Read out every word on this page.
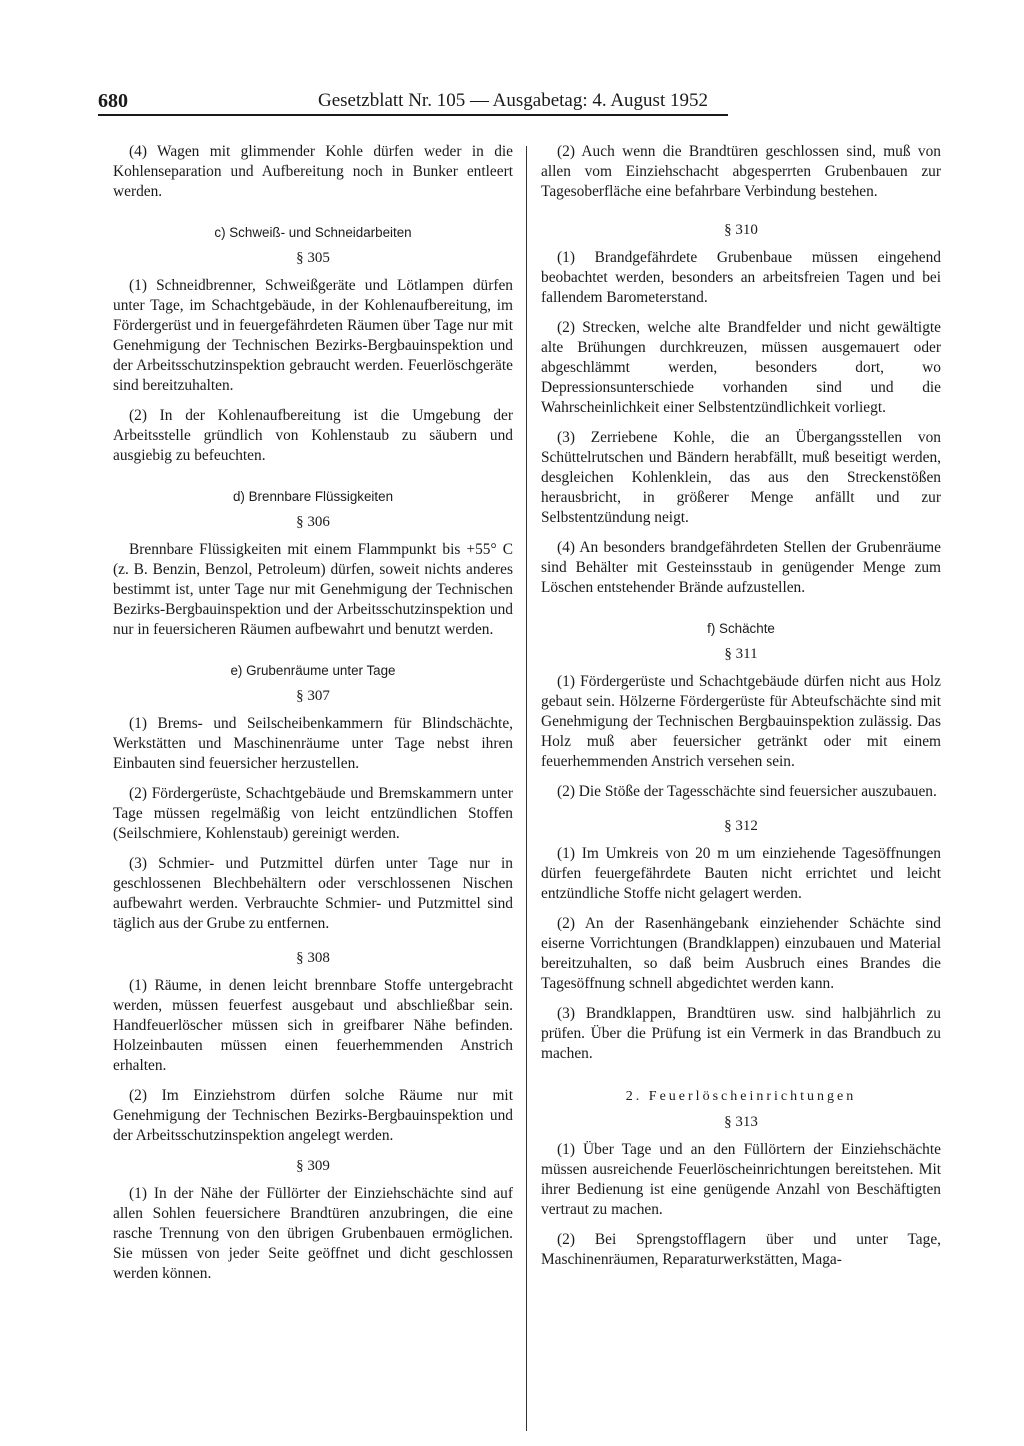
680	Gesetzblatt Nr. 105 — Ausgabetag: 4. August 1952

(4) Wagen mit glimmender Kohle dürfen weder in die Kohlenseparation und Aufbereitung noch in Bunker entleert werden.

c) Schweiß- und Schneidarbeiten
§ 305

(1) Schneidbrenner, Schweißgeräte und Lötlampen dürfen unter Tage, im Schachtgebäude, in der Kohlenaufbereitung, im Fördergerüst und in feuergefährdeten Räumen über Tage nur mit Genehmigung der Technischen Bezirks-Bergbauinspektion und der Arbeitsschutzinspektion gebraucht werden. Feuerlöschgeräte sind bereitzuhalten.

(2) In der Kohlenaufbereitung ist die Umgebung der Arbeitsstelle gründlich von Kohlenstaub zu säubern und ausgiebig zu befeuchten.

d) Brennbare Flüssigkeiten
§ 306

Brennbare Flüssigkeiten mit einem Flammpunkt bis +55° C (z. B. Benzin, Benzol, Petroleum) dürfen, soweit nichts anderes bestimmt ist, unter Tage nur mit Genehmigung der Technischen Bezirks-Bergbauinspektion und der Arbeitsschutzinspektion und nur in feuersicheren Räumen aufbewahrt und benutzt werden.

e) Grubenräume unter Tage
§ 307

(1) Brems- und Seilscheibenkammern für Blindschächte, Werkstätten und Maschinenräume unter Tage nebst ihren Einbauten sind feuersicher herzustellen.

(2) Fördergerüste, Schachtgebäude und Bremskammern unter Tage müssen regelmäßig von leicht entzündlichen Stoffen (Seilschmiere, Kohlenstaub) gereinigt werden.

(3) Schmier- und Putzmittel dürfen unter Tage nur in geschlossenen Blechbehältern oder verschlossenen Nischen aufbewahrt werden. Verbrauchte Schmier- und Putzmittel sind täglich aus der Grube zu entfernen.

§ 308

(1) Räume, in denen leicht brennbare Stoffe untergebracht werden, müssen feuerfest ausgebaut und abschließbar sein. Handfeuerlöscher müssen sich in greifbarer Nähe befinden. Holzeinbauten müssen einen feuerhemmenden Anstrich erhalten.

(2) Im Einziehstrom dürfen solche Räume nur mit Genehmigung der Technischen Bezirks-Bergbauinspektion und der Arbeitsschutzinspektion angelegt werden.

§ 309

(1) In der Nähe der Füllörter der Einziehschächte sind auf allen Sohlen feuersichere Brandtüren anzubringen, die eine rasche Trennung von den übrigen Grubenbauen ermöglichen. Sie müssen von jeder Seite geöffnet und dicht geschlossen werden können.

(2) Auch wenn die Brandtüren geschlossen sind, muß von allen vom Einziehschacht abgesperrten Grubenbauen zur Tagesoberfläche eine befahrbare Verbindung bestehen.

§ 310

(1) Brandgefährdete Grubenbaue müssen eingehend beobachtet werden, besonders an arbeitsfreien Tagen und bei fallendem Barometerstand.

(2) Strecken, welche alte Brandfelder und nicht gewältigte alte Brühungen durchkreuzen, müssen ausgemauert oder abgeschlämmt werden, besonders dort, wo Depressionsunterschiede vorhanden sind und die Wahrscheinlichkeit einer Selbstentzündlichkeit vorliegt.

(3) Zerriebene Kohle, die an Übergangsstellen von Schüttelrutschen und Bändern herabfällt, muß beseitigt werden, desgleichen Kohlenklein, das aus den Streckenstößen herausbricht, in größerer Menge anfällt und zur Selbstentzündung neigt.

(4) An besonders brandgefährdeten Stellen der Grubenräume sind Behälter mit Gesteinsstaub in genügender Menge zum Löschen entstehender Brände aufzustellen.

f) Schächte
§ 311

(1) Fördergerüste und Schachtgebäude dürfen nicht aus Holz gebaut sein. Hölzerne Fördergerüste für Abteufschächte sind mit Genehmigung der Technischen Bergbauinspektion zulässig. Das Holz muß aber feuersicher getränkt oder mit einem feuerhemmenden Anstrich versehen sein.

(2) Die Stöße der Tagesschächte sind feuersicher auszubauen.

§ 312

(1) Im Umkreis von 20 m um einziehende Tagesöffnungen dürfen feuergefährdete Bauten nicht errichtet und leicht entzündliche Stoffe nicht gelagert werden.

(2) An der Rasenhängebank einziehender Schächte sind eiserne Vorrichtungen (Brandklappen) einzubauen und Material bereitzuhalten, so daß beim Ausbruch eines Brandes die Tagesöffnung schnell abgedichtet werden kann.

(3) Brandklappen, Brandtüren usw. sind halbjährlich zu prüfen. Über die Prüfung ist ein Vermerk in das Brandbuch zu machen.

2. Feuerlöscheinrichtungen
§ 313

(1) Über Tage und an den Füllörtern der Einziehschächte müssen ausreichende Feuerlöscheinrichtungen bereitstehen. Mit ihrer Bedienung ist eine genügende Anzahl von Beschäftigten vertraut zu machen.

(2) Bei Sprengstofflagern über und unter Tage, Maschinenräumen, Reparaturwerkstätten, Maga-
